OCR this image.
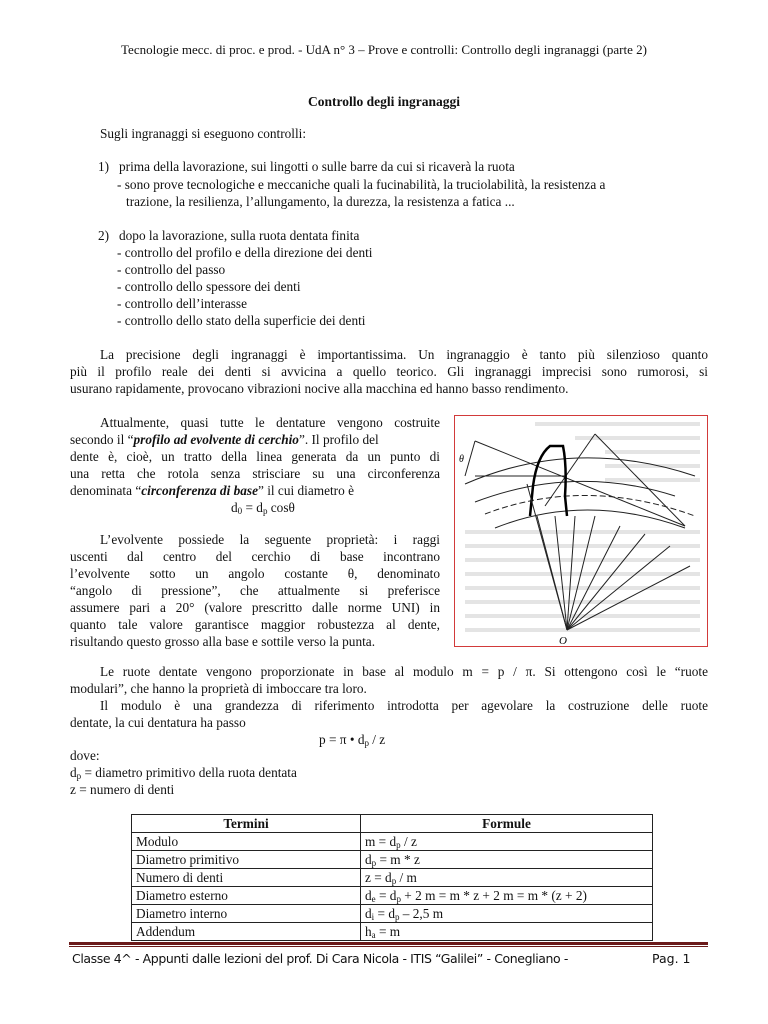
Tecnologie mecc. di proc. e prod. - UdA n° 3 – Prove e controlli: Controllo degli ingranaggi (parte 2)
Controllo degli ingranaggi
Sugli ingranaggi si eseguono controlli:
1) prima della lavorazione, sui lingotti o sulle barre da cui si ricaverà la ruota
- sono prove tecnologiche e meccaniche quali la fucinabilità, la truciolabilità, la resistenza a
trazione, la resilienza, l’allungamento, la durezza, la resistenza a fatica ...
2) dopo la lavorazione, sulla ruota dentata finita
- controllo del profilo e della direzione dei denti
- controllo del passo
- controllo dello spessore dei denti
- controllo dell’interasse
- controllo dello stato della superficie dei denti
La precisione degli ingranaggi è importantissima. Un ingranaggio è tanto più silenzioso quanto
più il profilo reale dei denti si avvicina a quello teorico. Gli ingranaggi imprecisi sono rumorosi, si
usurano rapidamente, provocano vibrazioni nocive alla macchina ed hanno basso rendimento.
Attualmente, quasi tutte le dentature vengono costruite
secondo il “profilo ad evolvente di cerchio”. Il profilo del
dente è, cioè, un tratto della linea generata da un punto di
una retta che rotola senza strisciare su una circonferenza
denominata “circonferenza di base” il cui diametro è
$d_0 = d_p$ cosθ
L’evolvente possiede la seguente proprietà: i raggi
uscenti dal centro del cerchio di base incontrano
l’evolvente sotto un angolo costante θ, denominato
“angolo di pressione”, che attualmente si preferisce
assumere pari a 20° (valore prescritto dalle norme UNI) in
quanto tale valore garantisce maggior robustezza al dente,
risultando questo grosso alla base e sottile verso la punta.	O
θ
Le ruote dentate vengono proporzionate in base al modulo m = p / π. Si ottengono così le “ruote
modulari”, che hanno la proprietà di imboccare tra loro.
Il modulo è una grandezza di riferimento introdotta per agevolare la costruzione delle ruote
dentate, la cui dentatura ha passo
p = π • $d_p$ / z
dove:
$d_p$ = diametro primitivo della ruota dentata
z = numero di denti
Termini	Formule
Modulo	$m = d_p / z$
Diametro primitivo	$d_p = m * z$
Numero di denti	$z = d_p / m$
Diametro esterno	$d_e = d_p + 2$ m = m * z + 2 m = m * (z + 2)
Diametro interno	$d_i = d_p - 2,5$ m
Addendum	$h_a = m$
Classe 4^ - Appunti dalle lezioni del prof. Di Cara Nicola - ITIS “Galilei” - Conegliano -	Pag. 1
